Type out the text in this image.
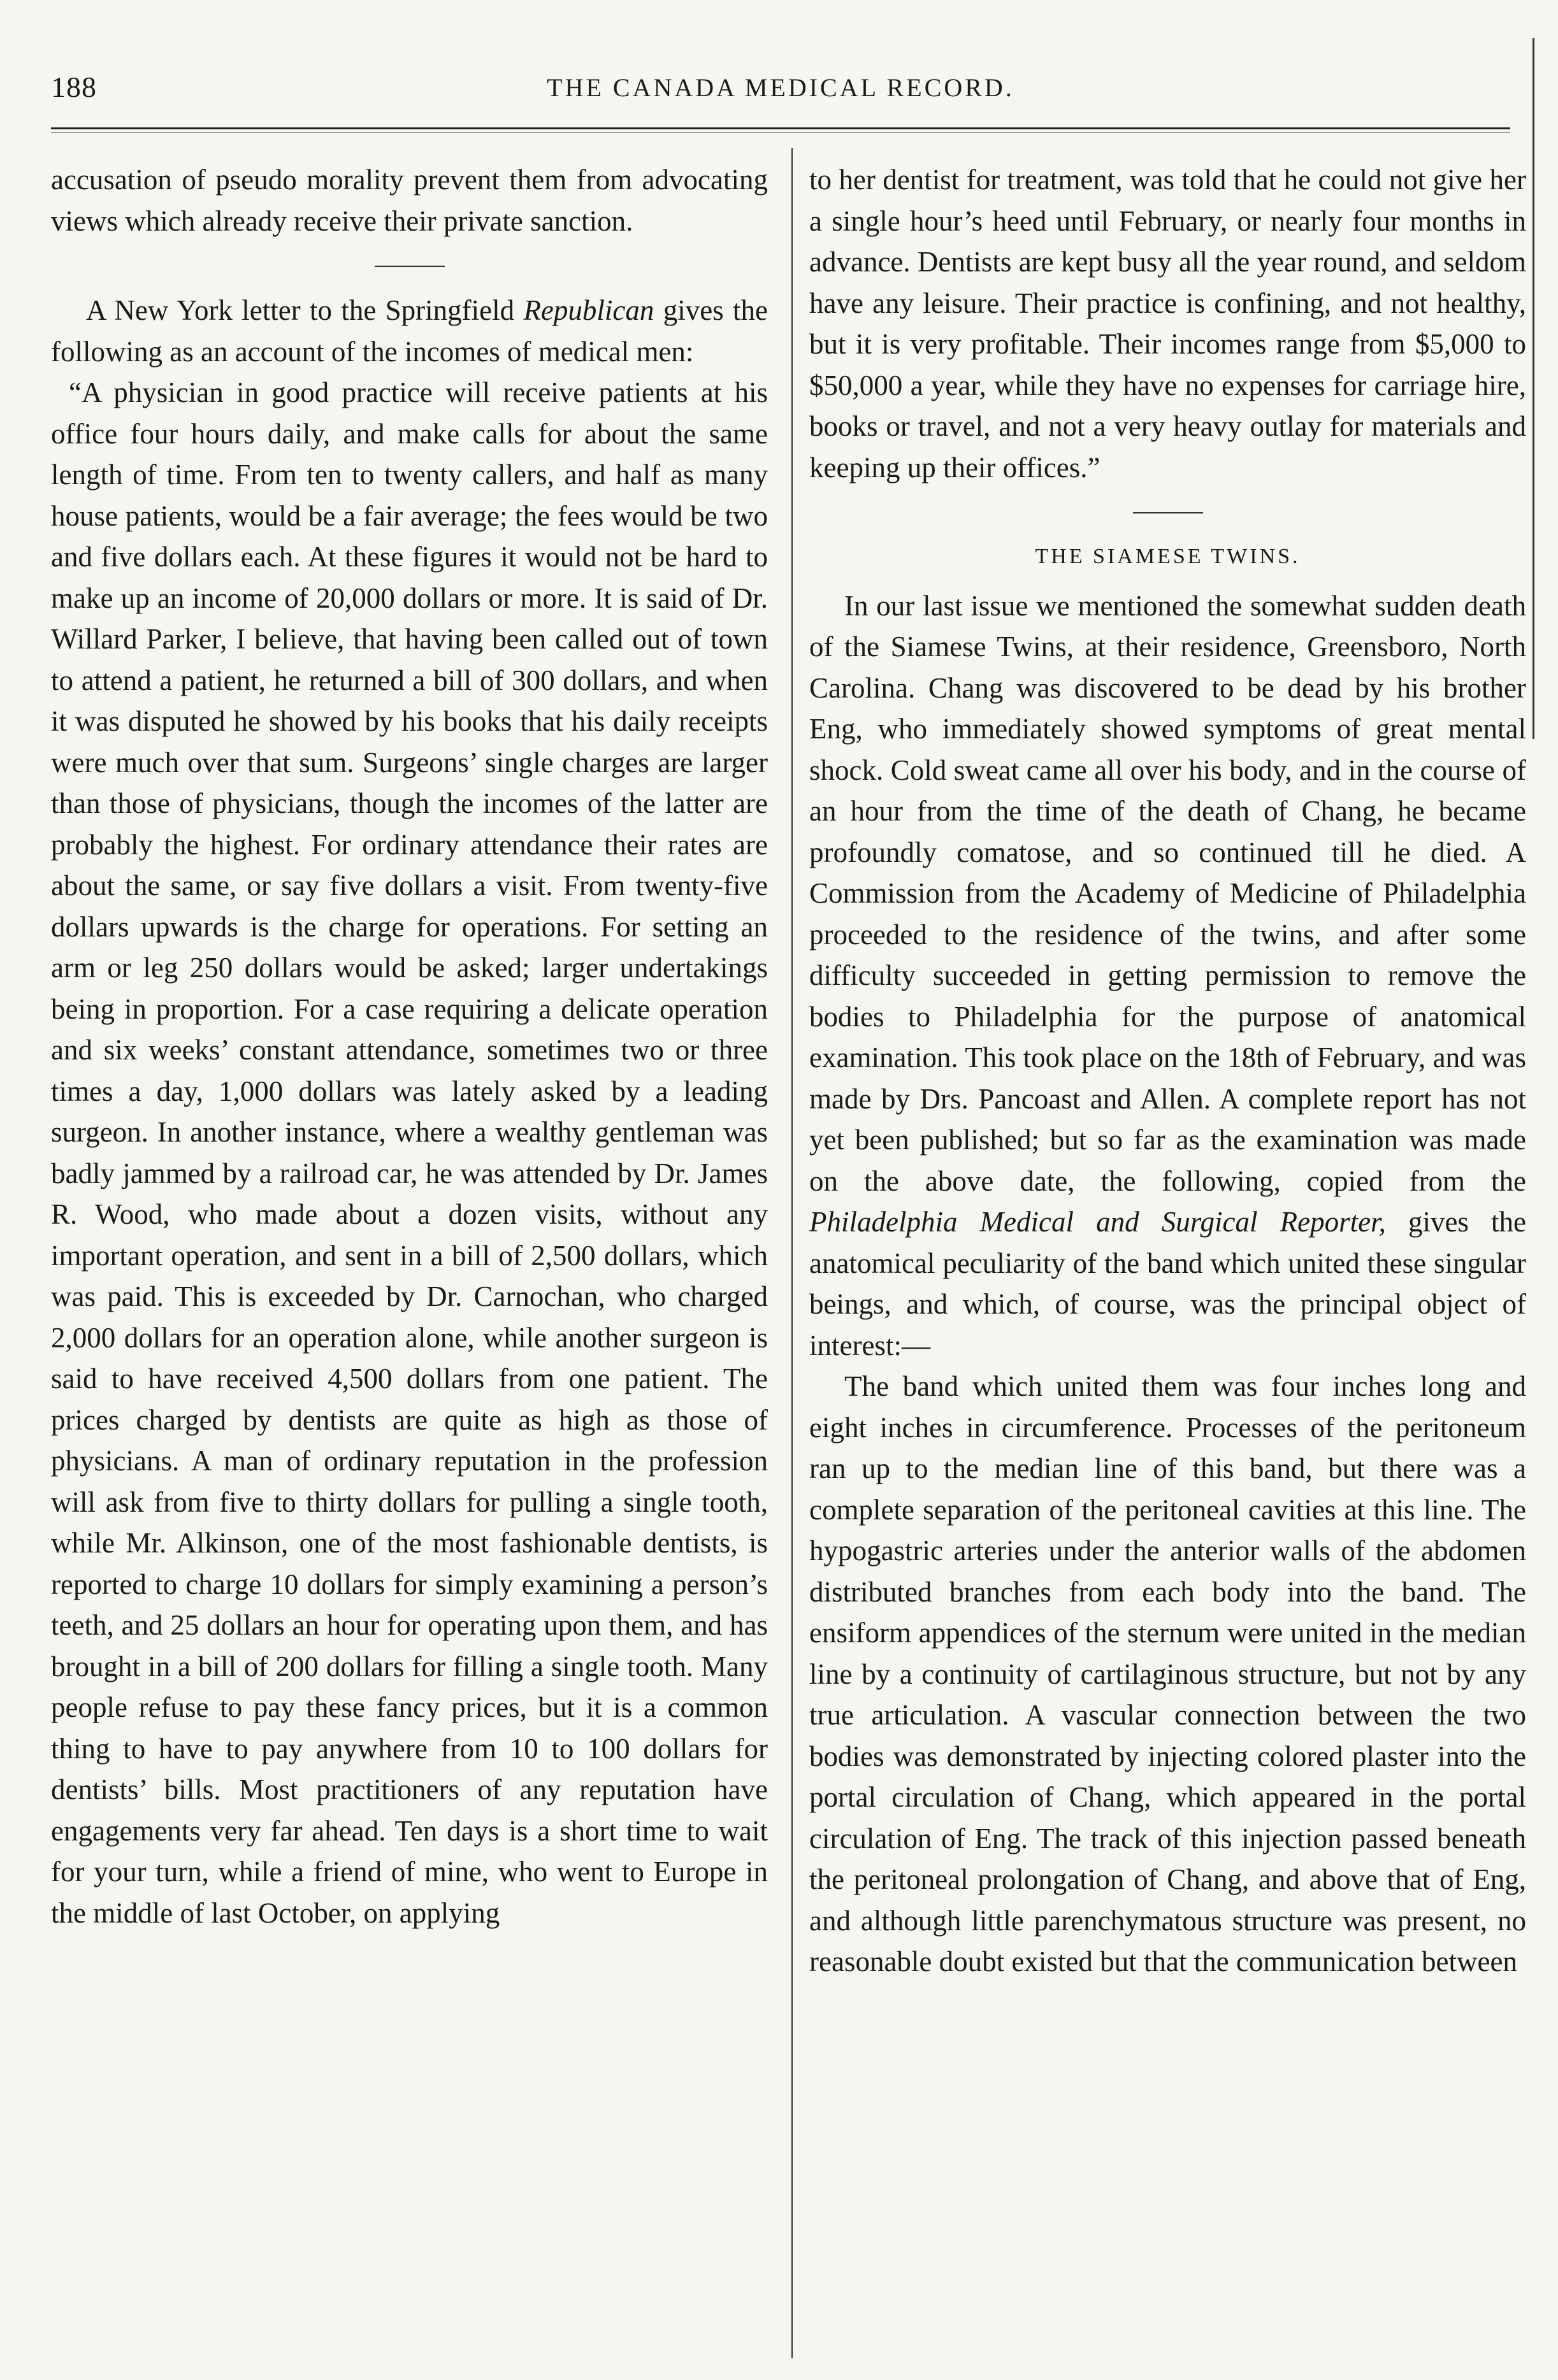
188	THE CANADA MEDICAL RECORD.

accusation of pseudo morality prevent them from advocating views which already receive their private sanction.

A New York letter to the Springfield Republican gives the following as an account of the incomes of medical men:

“A physician in good practice will receive patients at his office four hours daily, and make calls for about the same length of time. From ten to twenty callers, and half as many house patients, would be a fair average; the fees would be two and five dollars each. At these figures it would not be hard to make up an income of 20,000 dollars or more. It is said of Dr. Willard Parker, I believe, that having been called out of town to attend a patient, he returned a bill of 300 dollars, and when it was disputed he showed by his books that his daily receipts were much over that sum. Surgeons’ single charges are larger than those of physicians, though the incomes of the latter are probably the highest. For ordinary attendance their rates are about the same, or say five dollars a visit. From twenty-five dollars upwards is the charge for operations. For setting an arm or leg 250 dollars would be asked; larger undertakings being in proportion. For a case requiring a delicate operation and six weeks’ constant attendance, sometimes two or three times a day, 1,000 dollars was lately asked by a leading surgeon. In another instance, where a wealthy gentleman was badly jammed by a railroad car, he was attended by Dr. James R. Wood, who made about a dozen visits, without any important operation, and sent in a bill of 2,500 dollars, which was paid. This is exceeded by Dr. Carnochan, who charged 2,000 dollars for an operation alone, while another surgeon is said to have received 4,500 dollars from one patient. The prices charged by dentists are quite as high as those of physicians. A man of ordinary reputation in the profession will ask from five to thirty dollars for pulling a single tooth, while Mr. Alkinson, one of the most fashionable dentists, is reported to charge 10 dollars for simply examining a person’s teeth, and 25 dollars an hour for operating upon them, and has brought in a bill of 200 dollars for filling a single tooth. Many people refuse to pay these fancy prices, but it is a common thing to have to pay anywhere from 10 to 100 dollars for dentists’ bills. Most practitioners of any reputation have engagements very far ahead. Ten days is a short time to wait for your turn, while a friend of mine, who went to Europe in the middle of last October, on applying

to her dentist for treatment, was told that he could not give her a single hour’s heed until February, or nearly four months in advance. Dentists are kept busy all the year round, and seldom have any leisure. Their practice is confining, and not healthy, but it is very profitable. Their incomes range from $5,000 to $50,000 a year, while they have no expenses for carriage hire, books or travel, and not a very heavy outlay for materials and keeping up their offices.”

THE SIAMESE TWINS.

In our last issue we mentioned the somewhat sudden death of the Siamese Twins, at their residence, Greensboro, North Carolina. Chang was discovered to be dead by his brother Eng, who immediately showed symptoms of great mental shock. Cold sweat came all over his body, and in the course of an hour from the time of the death of Chang, he became profoundly comatose, and so continued till he died. A Commission from the Academy of Medicine of Philadelphia proceeded to the residence of the twins, and after some difficulty succeeded in getting permission to remove the bodies to Philadelphia for the purpose of anatomical examination. This took place on the 18th of February, and was made by Drs. Pancoast and Allen. A complete report has not yet been published; but so far as the examination was made on the above date, the following, copied from the Philadelphia Medical and Surgical Reporter, gives the anatomical peculiarity of the band which united these singular beings, and which, of course, was the principal object of interest:—

The band which united them was four inches long and eight inches in circumference. Processes of the peritoneum ran up to the median line of this band, but there was a complete separation of the peritoneal cavities at this line. The hypogastric arteries under the anterior walls of the abdomen distributed branches from each body into the band. The ensiform appendices of the sternum were united in the median line by a continuity of cartilaginous structure, but not by any true articulation. A vascular connection between the two bodies was demonstrated by injecting colored plaster into the portal circulation of Chang, which appeared in the portal circulation of Eng. The track of this injection passed beneath the peritoneal prolongation of Chang, and above that of Eng, and although little parenchymatous structure was present, no reasonable doubt existed but that the communication between
